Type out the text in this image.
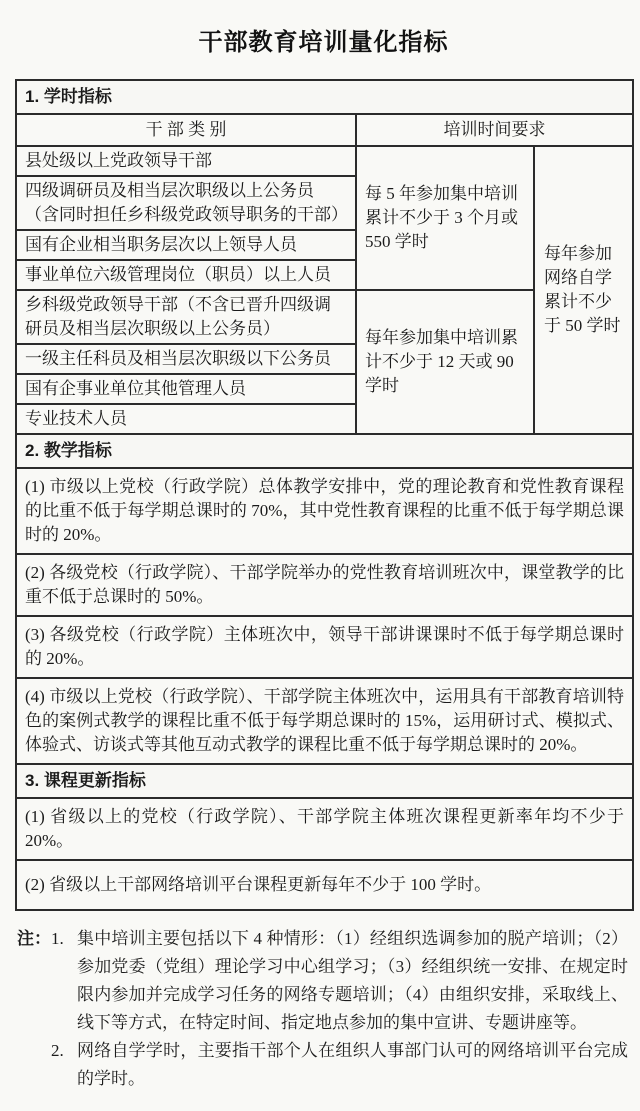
干部教育培训量化指标
1. 学时指标		
干 部 类 别	培训时间要求	
县处级以上党政领导干部	每 5 年参加集中培训累计不少于 3 个月或 550 学时	每年参加网络自学累计不少于 50 学时
四级调研员及相当层次职级以上公务员（含同时担任乡科级党政领导职务的干部）		
国有企业相当职务层次以上领导人员		
事业单位六级管理岗位（职员）以上人员		
乡科级党政领导干部（不含已晋升四级调研员及相当层次职级以上公务员）	每年参加集中培训累计不少于 12 天或 90 学时	
一级主任科员及相当层次职级以下公务员		
国有企事业单位其他管理人员		
专业技术人员		
2. 教学指标		
(1) 市级以上党校（行政学院）总体教学安排中，党的理论教育和党性教育课程的比重不低于每学期总课时的 70%，其中党性教育课程的比重不低于每学期总课时的 20%。		
(2) 各级党校（行政学院）、干部学院举办的党性教育培训班次中，课堂教学的比重不低于总课时的 50%。		
(3) 各级党校（行政学院）主体班次中，领导干部讲课课时不低于每学期总课时的 20%。		
(4) 市级以上党校（行政学院）、干部学院主体班次中，运用具有干部教育培训特色的案例式教学的课程比重不低于每学期总课时的 15%，运用研讨式、模拟式、体验式、访谈式等其他互动式教学的课程比重不低于每学期总课时的 20%。		
3. 课程更新指标		
(1) 省级以上的党校（行政学院）、干部学院主体班次课程更新率年均不少于 20%。		
(2) 省级以上干部网络培训平台课程更新每年不少于 100 学时。		
注： 1. 集中培训主要包括以下 4 种情形：（1）经组织选调参加的脱产培训；（2）参加党委（党组）理论学习中心组学习；（3）经组织统一安排、在规定时限内参加并完成学习任务的网络专题培训；（4）由组织安排，采取线上、线下等方式，在特定时间、指定地点参加的集中宣讲、专题讲座等。
2. 网络自学学时，主要指干部个人在组织人事部门认可的网络培训平台完成的学时。
